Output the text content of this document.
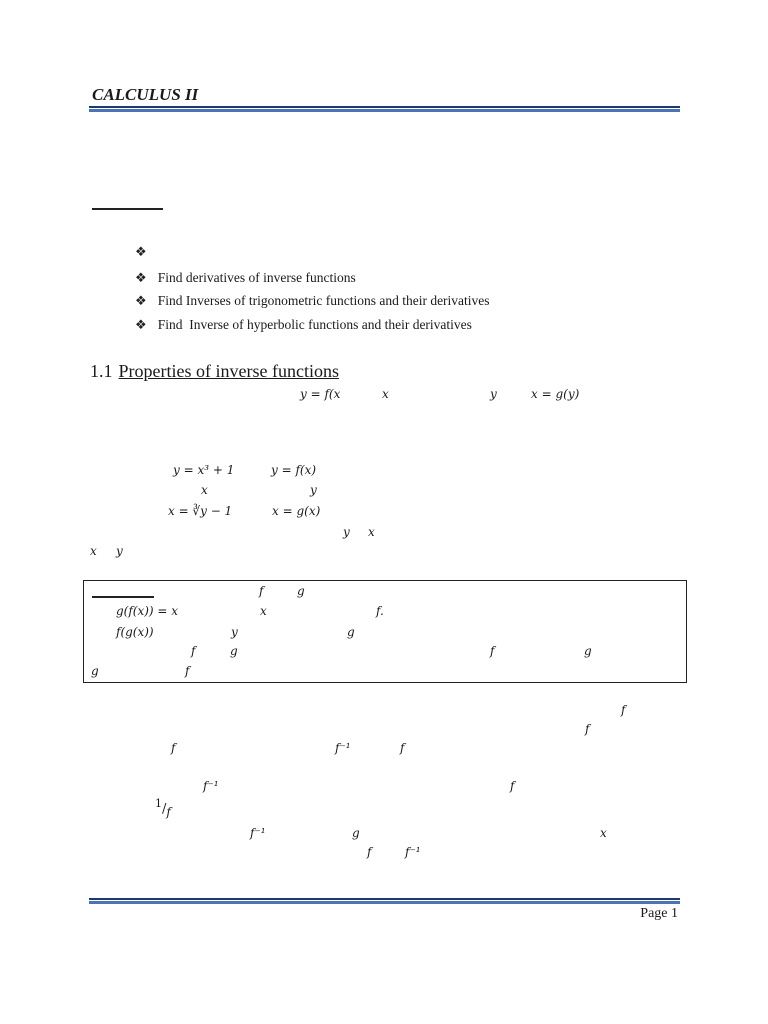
CALCULUS II
❖
❖ Find derivatives of inverse functions
❖ Find Inverses of trigonometric functions and their derivatives
❖ Find  Inverse of hyperbolic functions and their derivatives
1.1 Properties of inverse functions
y = f(x	x	y	x = g(y)
y = x³ + 1	y = f(x)
x	y
x = ∛y − 1	x = g(x)
y x
x y
f	g
g(f(x)) = x	x	f.
f(g(x))	y	g
f	g	f	g
g	f
f
f
f	f⁻¹	f
f⁻¹	f
$^1/_f$
f⁻¹	g	x
f	f⁻¹
Page 1
